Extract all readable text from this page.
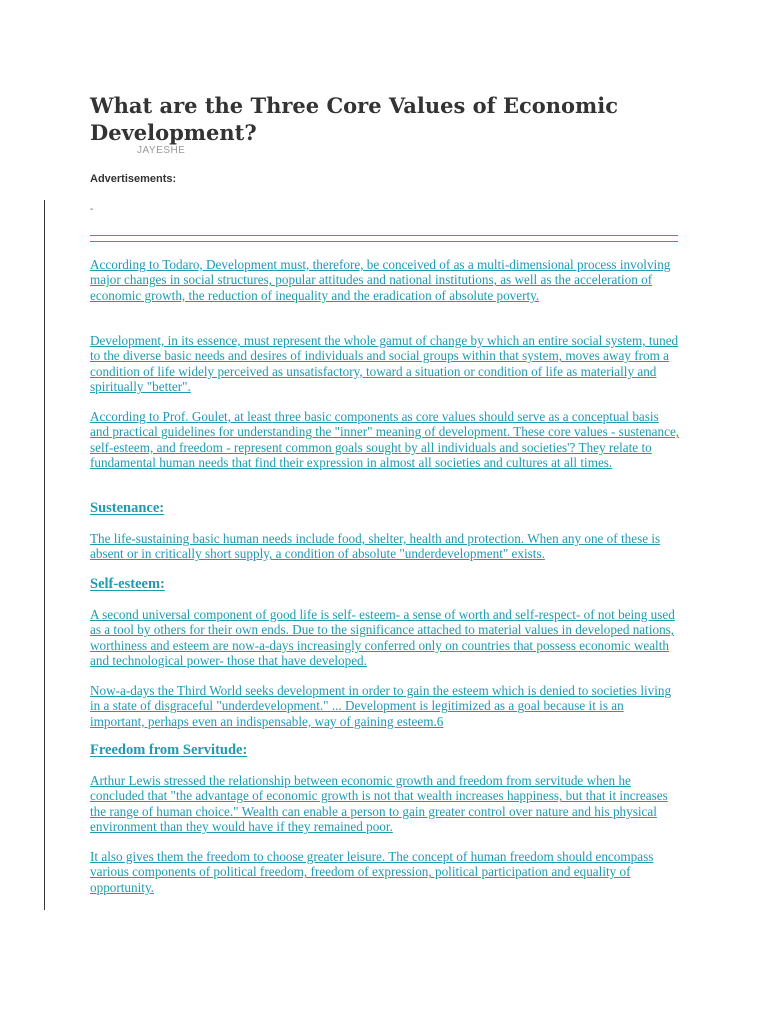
What are the Three Core Values of Economic Development?
JAYESHE
Advertisements:
-

According to Todaro, Development must, therefore, be conceived of as a multi-dimensional process involving major changes in social structures, popular attitudes and national institutions, as well as the acceleration of economic growth, the reduction of inequality and the eradication of absolute poverty.

Development, in its essence, must represent the whole gamut of change by which an entire social system, tuned to the diverse basic needs and desires of individuals and social groups within that system, moves away from a condition of life widely perceived as unsatisfactory, toward a situation or condition of life as materially and spiritually "better".

According to Prof. Goulet, at least three basic components as core values should serve as a conceptual basis and practical guidelines for understanding the "inner" meaning of development. These core values - sustenance, self-esteem, and freedom - represent common goals sought by all individuals and societies'? They relate to fundamental human needs that find their expression in almost all societies and cultures at all times.

Sustenance:

The life-sustaining basic human needs include food, shelter, health and protection. When any one of these is absent or in critically short supply, a condition of absolute "underdevelopment" exists.

Self-esteem:

A second universal component of good life is self- esteem- a sense of worth and self-respect- of not being used as a tool by others for their own ends. Due to the significance attached to material values in developed nations, worthiness and esteem are now-a-days increasingly conferred only on countries that possess economic wealth and technological power- those that have developed.

Now-a-days the Third World seeks development in order to gain the esteem which is denied to societies living in a state of disgraceful "underdevelopment." ... Development is legitimized as a goal because it is an important, perhaps even an indispensable, way of gaining esteem.6

Freedom from Servitude:

Arthur Lewis stressed the relationship between economic growth and freedom from servitude when he concluded that "the advantage of economic growth is not that wealth increases happiness, but that it increases the range of human choice." Wealth can enable a person to gain greater control over nature and his physical environment than they would have if they remained poor.

It also gives them the freedom to choose greater leisure. The concept of human freedom should encompass various components of political freedom, freedom of expression, political participation and equality of opportunity.
